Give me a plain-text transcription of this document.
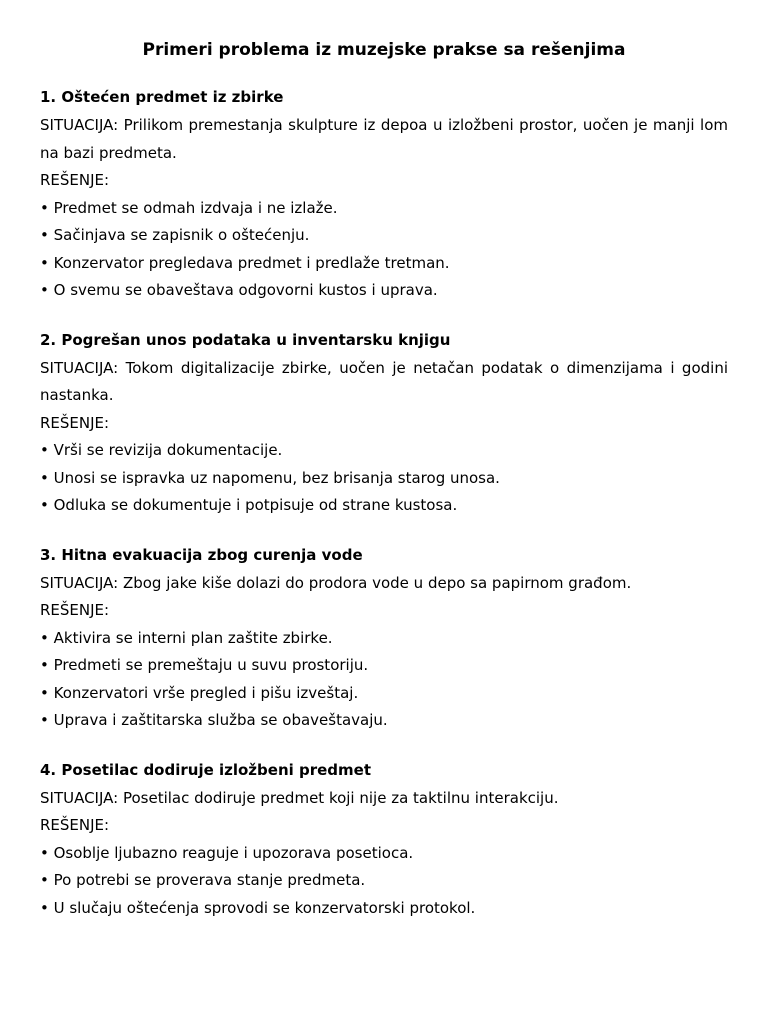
Primeri problema iz muzejske prakse sa rešenjima
1. Oštećen predmet iz zbirke

SITUACIJA: Prilikom premestanja skulpture iz depoa u izložbeni prostor, uočen je manji lom na bazi predmeta.

REŠENJE:

• Predmet se odmah izdvaja i ne izlaže.
• Sačinjava se zapisnik o oštećenju.
• Konzervator pregledava predmet i predlaže tretman.
• O svemu se obaveštava odgovorni kustos i uprava.
2. Pogrešan unos podataka u inventarsku knjigu

SITUACIJA: Tokom digitalizacije zbirke, uočen je netačan podatak o dimenzijama i godini nastanka.

REŠENJE:

• Vrši se revizija dokumentacije.
• Unosi se ispravka uz napomenu, bez brisanja starog unosa.
• Odluka se dokumentuje i potpisuje od strane kustosa.
3. Hitna evakuacija zbog curenja vode

SITUACIJA: Zbog jake kiše dolazi do prodora vode u depo sa papirnom građom.

REŠENJE:

• Aktivira se interni plan zaštite zbirke.
• Predmeti se premeštaju u suvu prostoriju.
• Konzervatori vrše pregled i pišu izveštaj.
• Uprava i zaštitarska služba se obaveštavaju.
4. Posetilac dodiruje izložbeni predmet

SITUACIJA: Posetilac dodiruje predmet koji nije za taktilnu interakciju.

REŠENJE:

• Osoblje ljubazno reaguje i upozorava posetioca.
• Po potrebi se proverava stanje predmeta.
• U slučaju oštećenja sprovodi se konzervatorski protokol.
